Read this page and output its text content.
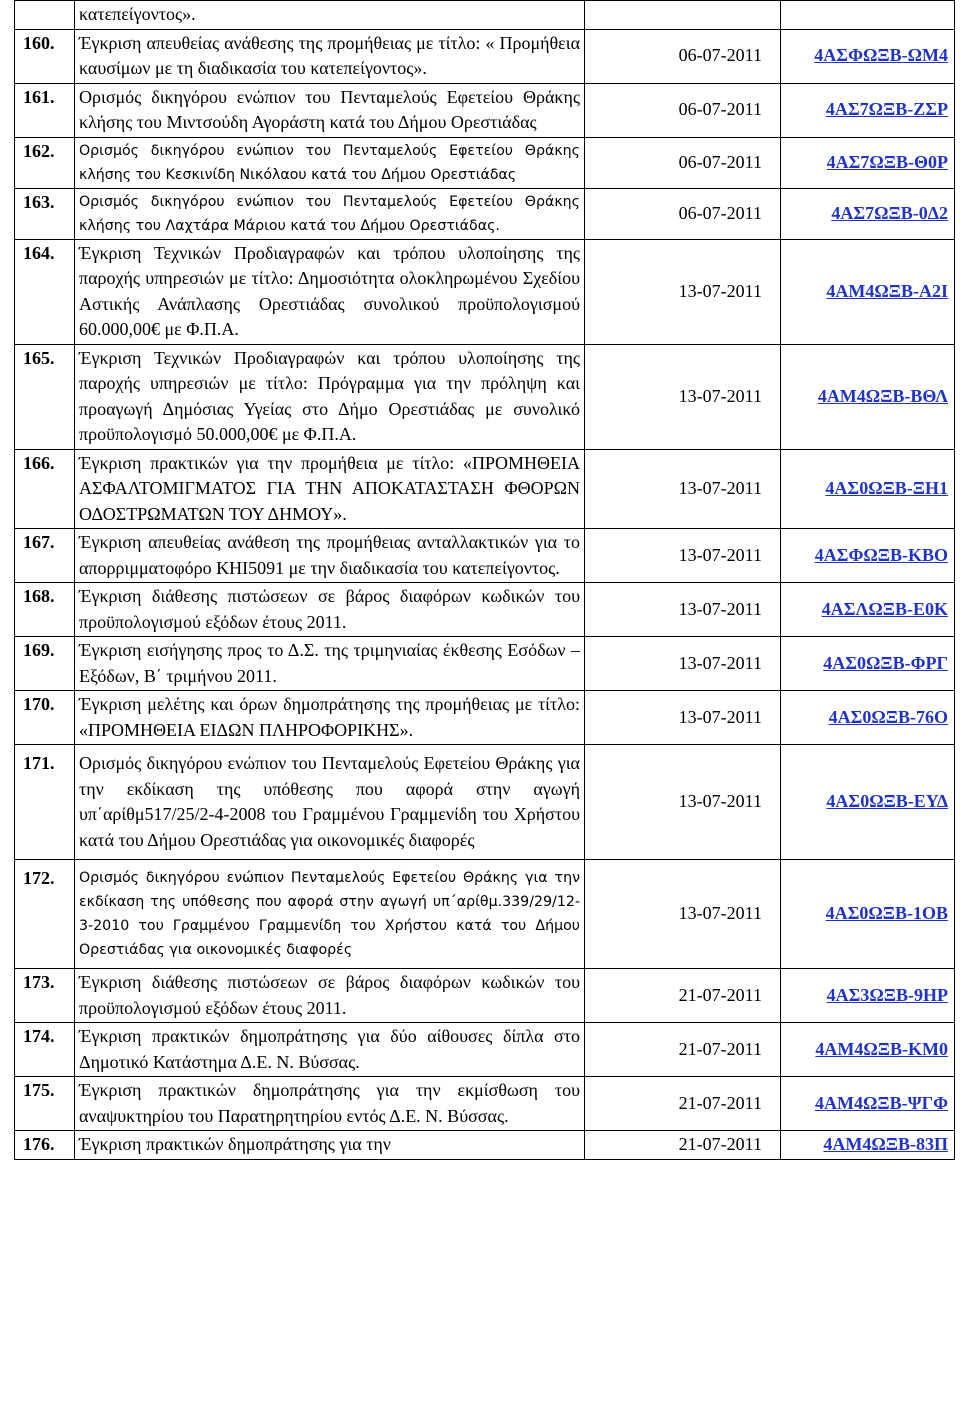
	κατεπείγοντος».		
160.	Έγκριση απευθείας ανάθεσης της προμήθειας με τίτλο: « Προμήθεια καυσίμων με τη διαδικασία του κατεπείγοντος».	06-07-2011	4ΑΣΦΩΞΒ-ΩΜ4
161.	Ορισμός δικηγόρου ενώπιον του Πενταμελούς Εφετείου Θράκης κλήσης του Μιντσούδη Αγοράστη κατά του Δήμου Ορεστιάδας	06-07-2011	4ΑΣ7ΩΞΒ-ΖΣΡ
162.	Ορισμός δικηγόρου ενώπιον του Πενταμελούς Εφετείου Θράκης κλήσης του Κεσκινίδη Νικόλαου κατά του Δήμου Ορεστιάδας	06-07-2011	4ΑΣ7ΩΞΒ-Θ0Ρ
163.	Ορισμός δικηγόρου ενώπιον του Πενταμελούς Εφετείου Θράκης κλήσης του Λαχτάρα Μάριου κατά του Δήμου Ορεστιάδας.	06-07-2011	4ΑΣ7ΩΞΒ-0Δ2
164.	Έγκριση Τεχνικών Προδιαγραφών και τρόπου υλοποίησης της παροχής υπηρεσιών με τίτλο: Δημοσιότητα ολοκληρωμένου Σχεδίου Αστικής Ανάπλασης Ορεστιάδας συνολικού προϋπολογισμού 60.000,00€ με Φ.Π.Α.	13-07-2011	4ΑΜ4ΩΞΒ-Α2Ι
165.	Έγκριση Τεχνικών Προδιαγραφών και τρόπου υλοποίησης της παροχής υπηρεσιών με τίτλο: Πρόγραμμα για την πρόληψη και προαγωγή Δημόσιας Υγείας στο Δήμο Ορεστιάδας με συνολικό προϋπολογισμό 50.000,00€ με Φ.Π.Α.	13-07-2011	4ΑΜ4ΩΞΒ-ΒΘΛ
166.	Έγκριση πρακτικών για την προμήθεια με τίτλο: «ΠΡΟΜΗΘΕΙΑ ΑΣΦΑΛΤΟΜΙΓΜΑΤΟΣ ΓΙΑ ΤΗΝ ΑΠΟΚΑΤΑΣΤΑΣΗ ΦΘΟΡΩΝ ΟΔΟΣΤΡΩΜΑΤΩΝ ΤΟΥ ΔΗΜΟΥ».	13-07-2011	4ΑΣ0ΩΞΒ-ΞΗ1
167.	Έγκριση απευθείας ανάθεση της προμήθειας ανταλλακτικών για το απορριμματοφόρο ΚΗΙ5091 με την διαδικασία του κατεπείγοντος.	13-07-2011	4ΑΣΦΩΞΒ-ΚΒΟ
168.	Έγκριση διάθεσης πιστώσεων σε βάρος διαφόρων κωδικών του προϋπολογισμού εξόδων έτους 2011.	13-07-2011	4ΑΣΛΩΞΒ-Ε0Κ
169.	Έγκριση εισήγησης προς το Δ.Σ. της τριμηνιαίας έκθεσης Εσόδων – Εξόδων, Β΄ τριμήνου 2011.	13-07-2011	4ΑΣ0ΩΞΒ-ΦΡΓ
170.	Έγκριση μελέτης και όρων δημοπράτησης της προμήθειας με τίτλο: «ΠΡΟΜΗΘΕΙΑ ΕΙΔΩΝ ΠΛΗΡΟΦΟΡΙΚΗΣ».	13-07-2011	4ΑΣ0ΩΞΒ-76Ο
171.	Ορισμός δικηγόρου ενώπιον του Πενταμελούς Εφετείου Θράκης για την εκδίκαση της υπόθεσης που αφορά στην αγωγή υπ΄αρίθμ517/25/2-4-2008 του Γραμμένου Γραμμενίδη του Χρήστου κατά του Δήμου Ορεστιάδας για οικονομικές διαφορές	13-07-2011	4ΑΣ0ΩΞΒ-ΕΥΔ
172.	Ορισμός δικηγόρου ενώπιον Πενταμελούς Εφετείου Θράκης για την εκδίκαση της υπόθεσης που αφορά στην αγωγή υπ΄αρίθμ.339/29/12-3-2010 του Γραμμένου Γραμμενίδη του Χρήστου κατά του Δήμου Ορεστιάδας για οικονομικές διαφορές	13-07-2011	4ΑΣ0ΩΞΒ-1ΟΒ
173.	Έγκριση διάθεσης πιστώσεων σε βάρος διαφόρων κωδικών του προϋπολογισμού εξόδων έτους 2011.	21-07-2011	4ΑΣ3ΩΞΒ-9ΗΡ
174.	Έγκριση πρακτικών δημοπράτησης για δύο αίθουσες δίπλα στο Δημοτικό Κατάστημα Δ.Ε. Ν. Βύσσας.	21-07-2011	4ΑΜ4ΩΞΒ-ΚΜ0
175.	Έγκριση πρακτικών δημοπράτησης για την εκμίσθωση του αναψυκτηρίου του Παρατηρητηρίου εντός Δ.Ε. Ν. Βύσσας.	21-07-2011	4ΑΜ4ΩΞΒ-ΨΓΦ
176.	Έγκριση πρακτικών δημοπράτησης για την	21-07-2011	4ΑΜ4ΩΞΒ-83Π
